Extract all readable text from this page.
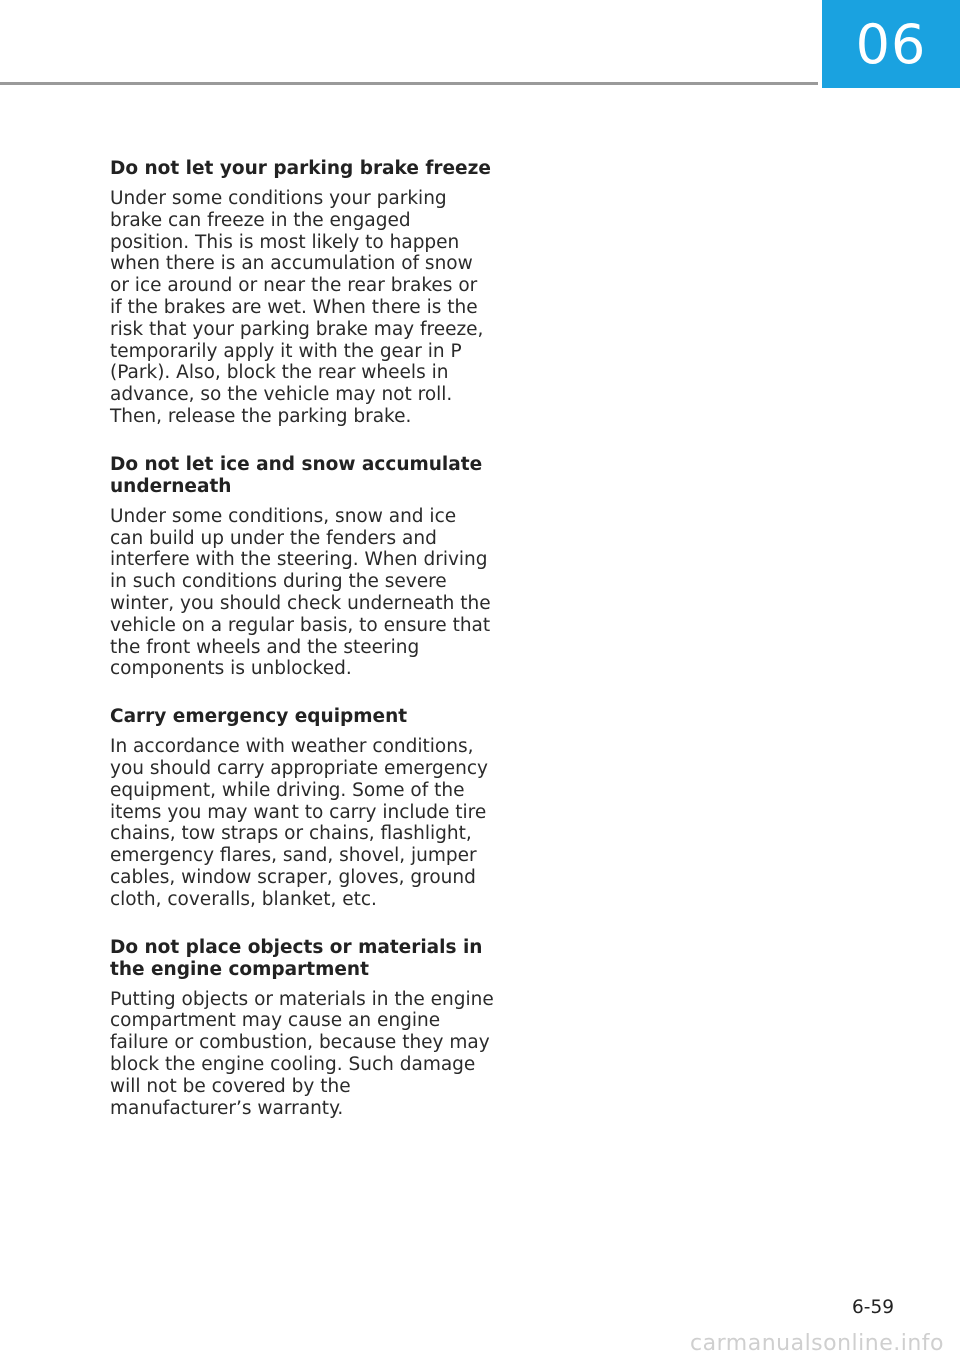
06
Do not let your parking brake freeze

Under some conditions your parking brake can freeze in the engaged position. This is most likely to happen when there is an accumulation of snow or ice around or near the rear brakes or if the brakes are wet. When there is the risk that your parking brake may freeze, temporarily apply it with the gear in P (Park). Also, block the rear wheels in advance, so the vehicle may not roll. Then, release the parking brake.

Do not let ice and snow accumulate underneath

Under some conditions, snow and ice can build up under the fenders and interfere with the steering. When driving in such conditions during the severe winter, you should check underneath the vehicle on a regular basis, to ensure that the front wheels and the steering components is unblocked.

Carry emergency equipment

In accordance with weather conditions, you should carry appropriate emergency equipment, while driving. Some of the items you may want to carry include tire chains, tow straps or chains, flashlight, emergency flares, sand, shovel, jumper cables, window scraper, gloves, ground cloth, coveralls, blanket, etc.

Do not place objects or materials in the engine compartment

Putting objects or materials in the engine compartment may cause an engine failure or combustion, because they may block the engine cooling. Such damage will not be covered by the manufacturer’s warranty.

6-59
carmanualsonline.info
